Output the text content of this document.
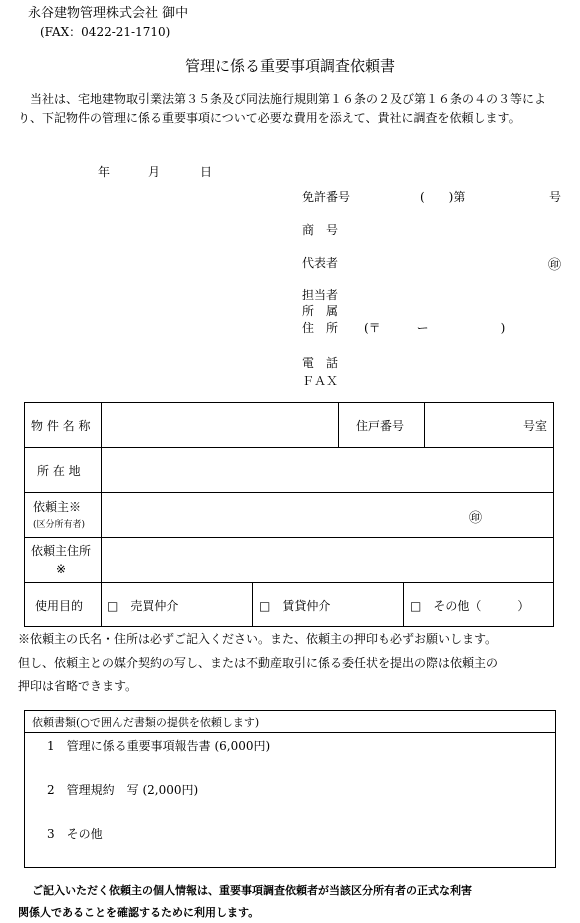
永谷建物管理株式会社 御中
(FAX：0422-21-1710)
管理に係る重要事項調査依頼書
当社は、宅地建物取引業法第３５条及び同法施行規則第１６条の２及び第１６条の４の３等により、下記物件の管理に係る重要事項について必要な費用を添えて、貴社に調査を依頼します。
年	月	日
免許番号	(　　)第	号
商　号
代表者	㊞
担当者
所　属
住　所 (〒　　　ー　　　　　　)
電　話
ＦＡＸ
物 件 名 称	住戸番号	号室
所 在 地
依頼主※
(区分所有者)	㊞
依頼主住所
※
使用目的 □　売買仲介	□　賃貸仲介	□　その他（　　　）
※依頼主の氏名・住所は必ずご記入ください。また、依頼主の押印も必ずお願いします。
但し、依頼主との媒介契約の写し、または不動産取引に係る委任状を提出の際は依頼主の
押印は省略できます。
依頼書類(○で囲んだ書類の提供を依頼します)
1　管理に係る重要事項報告書 (6,000円)
2　管理規約　写 (2,000円)
3　その他
ご記入いただく依頼主の個人情報は、重要事項調査依頼者が当該区分所有者の正式な利害
関係人であることを確認するために利用します。
